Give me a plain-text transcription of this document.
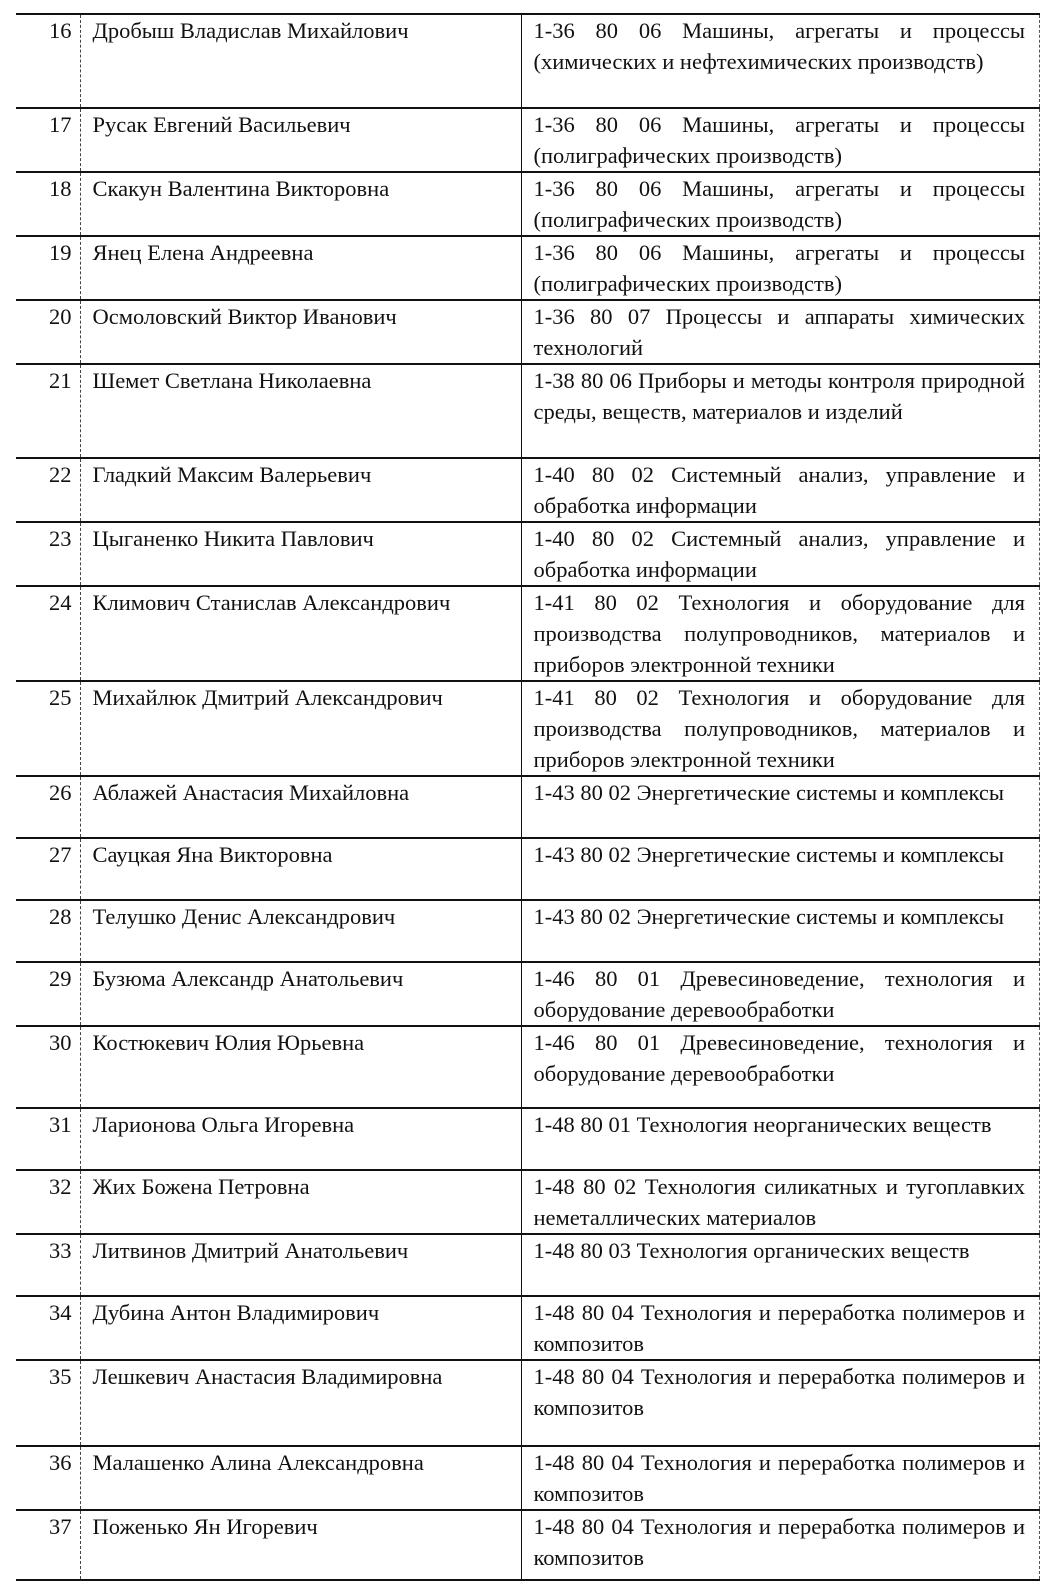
16	Дробыш Владислав Михайлович	1-36 80 06 Машины, агрегаты и процессы (химических и нефтехимических производств)
17	Русак Евгений Васильевич	1-36 80 06 Машины, агрегаты и процессы (полиграфических производств)
18	Скакун Валентина Викторовна	1-36 80 06 Машины, агрегаты и процессы (полиграфических производств)
19	Янец Елена Андреевна	1-36 80 06 Машины, агрегаты и процессы (полиграфических производств)
20	Осмоловский Виктор Иванович	1-36 80 07 Процессы и аппараты химических технологий
21	Шемет Светлана Николаевна	1-38 80 06 Приборы и методы контроля природной среды, веществ, материалов и изделий
22	Гладкий Максим Валерьевич	1-40 80 02 Системный анализ, управление и обработка информации
23	Цыганенко Никита Павлович	1-40 80 02 Системный анализ, управление и обработка информации
24	Климович Станислав Александрович	1-41 80 02 Технология и оборудование для производства полупроводников, материалов и приборов электронной техники
25	Михайлюк Дмитрий Александрович	1-41 80 02 Технология и оборудование для производства полупроводников, материалов и приборов электронной техники
26	Аблажей Анастасия Михайловна	1-43 80 02 Энергетические системы и комплексы
27	Сауцкая Яна Викторовна	1-43 80 02 Энергетические системы и комплексы
28	Телушко Денис Александрович	1-43 80 02 Энергетические системы и комплексы
29	Бузюма Александр Анатольевич	1-46 80 01 Древесиноведение, технология и оборудование деревообработки
30	Костюкевич Юлия Юрьевна	1-46 80 01 Древесиноведение, технология и оборудование деревообработки
31	Ларионова Ольга Игоревна	1-48 80 01 Технология неорганических веществ
32	Жих Божена Петровна	1-48 80 02 Технология силикатных и тугоплавких неметаллических материалов
33	Литвинов Дмитрий Анатольевич	1-48 80 03 Технология органических веществ
34	Дубина Антон Владимирович	1-48 80 04 Технология и переработка полимеров и композитов
35	Лешкевич Анастасия Владимировна	1-48 80 04 Технология и переработка полимеров и композитов
36	Малашенко Алина Александровна	1-48 80 04 Технология и переработка полимеров и композитов
37	Поженько Ян Игоревич	1-48 80 04 Технология и переработка полимеров и композитов
